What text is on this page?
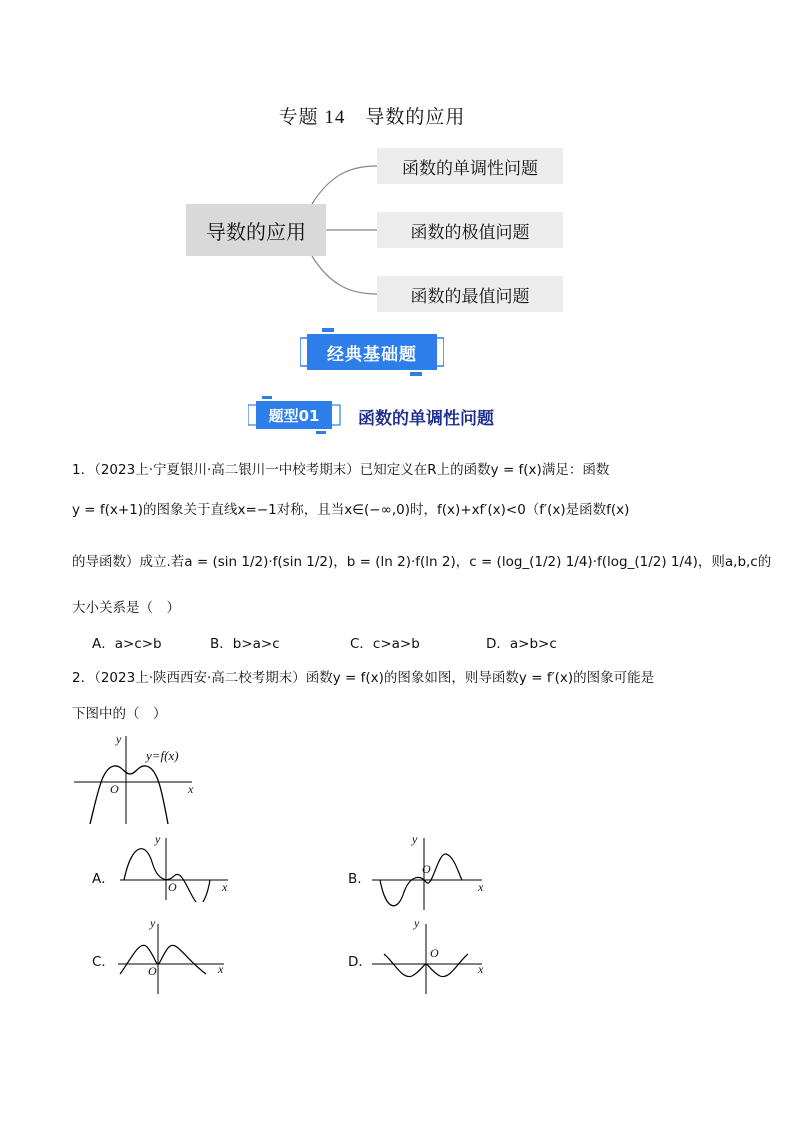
专题 14　导数的应用
导数的应用
函数的单调性问题
函数的极值问题
函数的最值问题
经典基础题
题型01	函数的单调性问题
1．（2023上·宁夏银川·高二银川一中校考期末）已知定义在R上的函数y = f(x)满足：函数
y = f(x+1)的图象关于直线x=−1对称，且当x∈(−∞,0)时，f(x)+xf′(x)<0（f′(x)是函数f(x)
的导函数）成立.若a = (sin 1/2)·f(sin 1/2)，b = (ln 2)·f(ln 2)，c = (log_(1/2) 1/4)·f(log_(1/2) 1/4)，则a,b,c的
大小关系是（　）
A．a>c>b	B．b>a>c	C．c>a>b	D．a>b>c
2．（2023上·陕西西安·高二校考期末）函数y = f(x)的图象如图，则导函数y = f′(x)的图象可能是
下图中的（　）
y
x
O
y=f(x)
A．
y
x
O	B．
y
x
O
C．
y
x
O
D．
y
x
O
